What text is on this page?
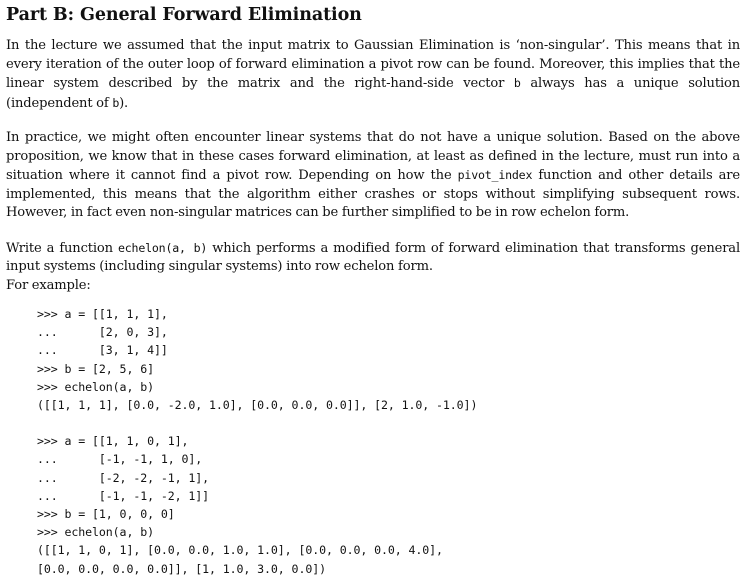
Part B: General Forward Elimination

In the lecture we assumed that the input matrix to Gaussian Elimination is ‘non-singular’. This means that in every iteration of the outer loop of forward elimination a pivot row can be found. Moreover, this implies that the linear system described by the matrix and the right-hand-side vector b always has a unique solution (independent of b).

In practice, we might often encounter linear systems that do not have a unique solution. Based on the above proposition, we know that in these cases forward elimination, at least as defined in the lecture, must run into a situation where it cannot find a pivot row. Depending on how the pivot_index function and other details are implemented, this means that the algorithm either crashes or stops without simplifying subsequent rows. However, in fact even non-singular matrices can be further simplified to be in row echelon form.

Write a function echelon(a, b) which performs a modified form of forward elimination that transforms general input systems (including singular systems) into row echelon form.
For example:

>>> a = [[1, 1, 1],
...      [2, 0, 3],
...      [3, 1, 4]]
>>> b = [2, 5, 6]
>>> echelon(a, b)
([[1, 1, 1], [0.0, -2.0, 1.0], [0.0, 0.0, 0.0]], [2, 1.0, -1.0])
>>> a = [[1, 1, 0, 1],
...      [-1, -1, 1, 0],
...      [-2, -2, -1, 1],
...      [-1, -1, -2, 1]]
>>> b = [1, 0, 0, 0]
>>> echelon(a, b)
([[1, 1, 0, 1], [0.0, 0.0, 1.0, 1.0], [0.0, 0.0, 0.0, 4.0],
[0.0, 0.0, 0.0, 0.0]], [1, 1.0, 3.0, 0.0])
